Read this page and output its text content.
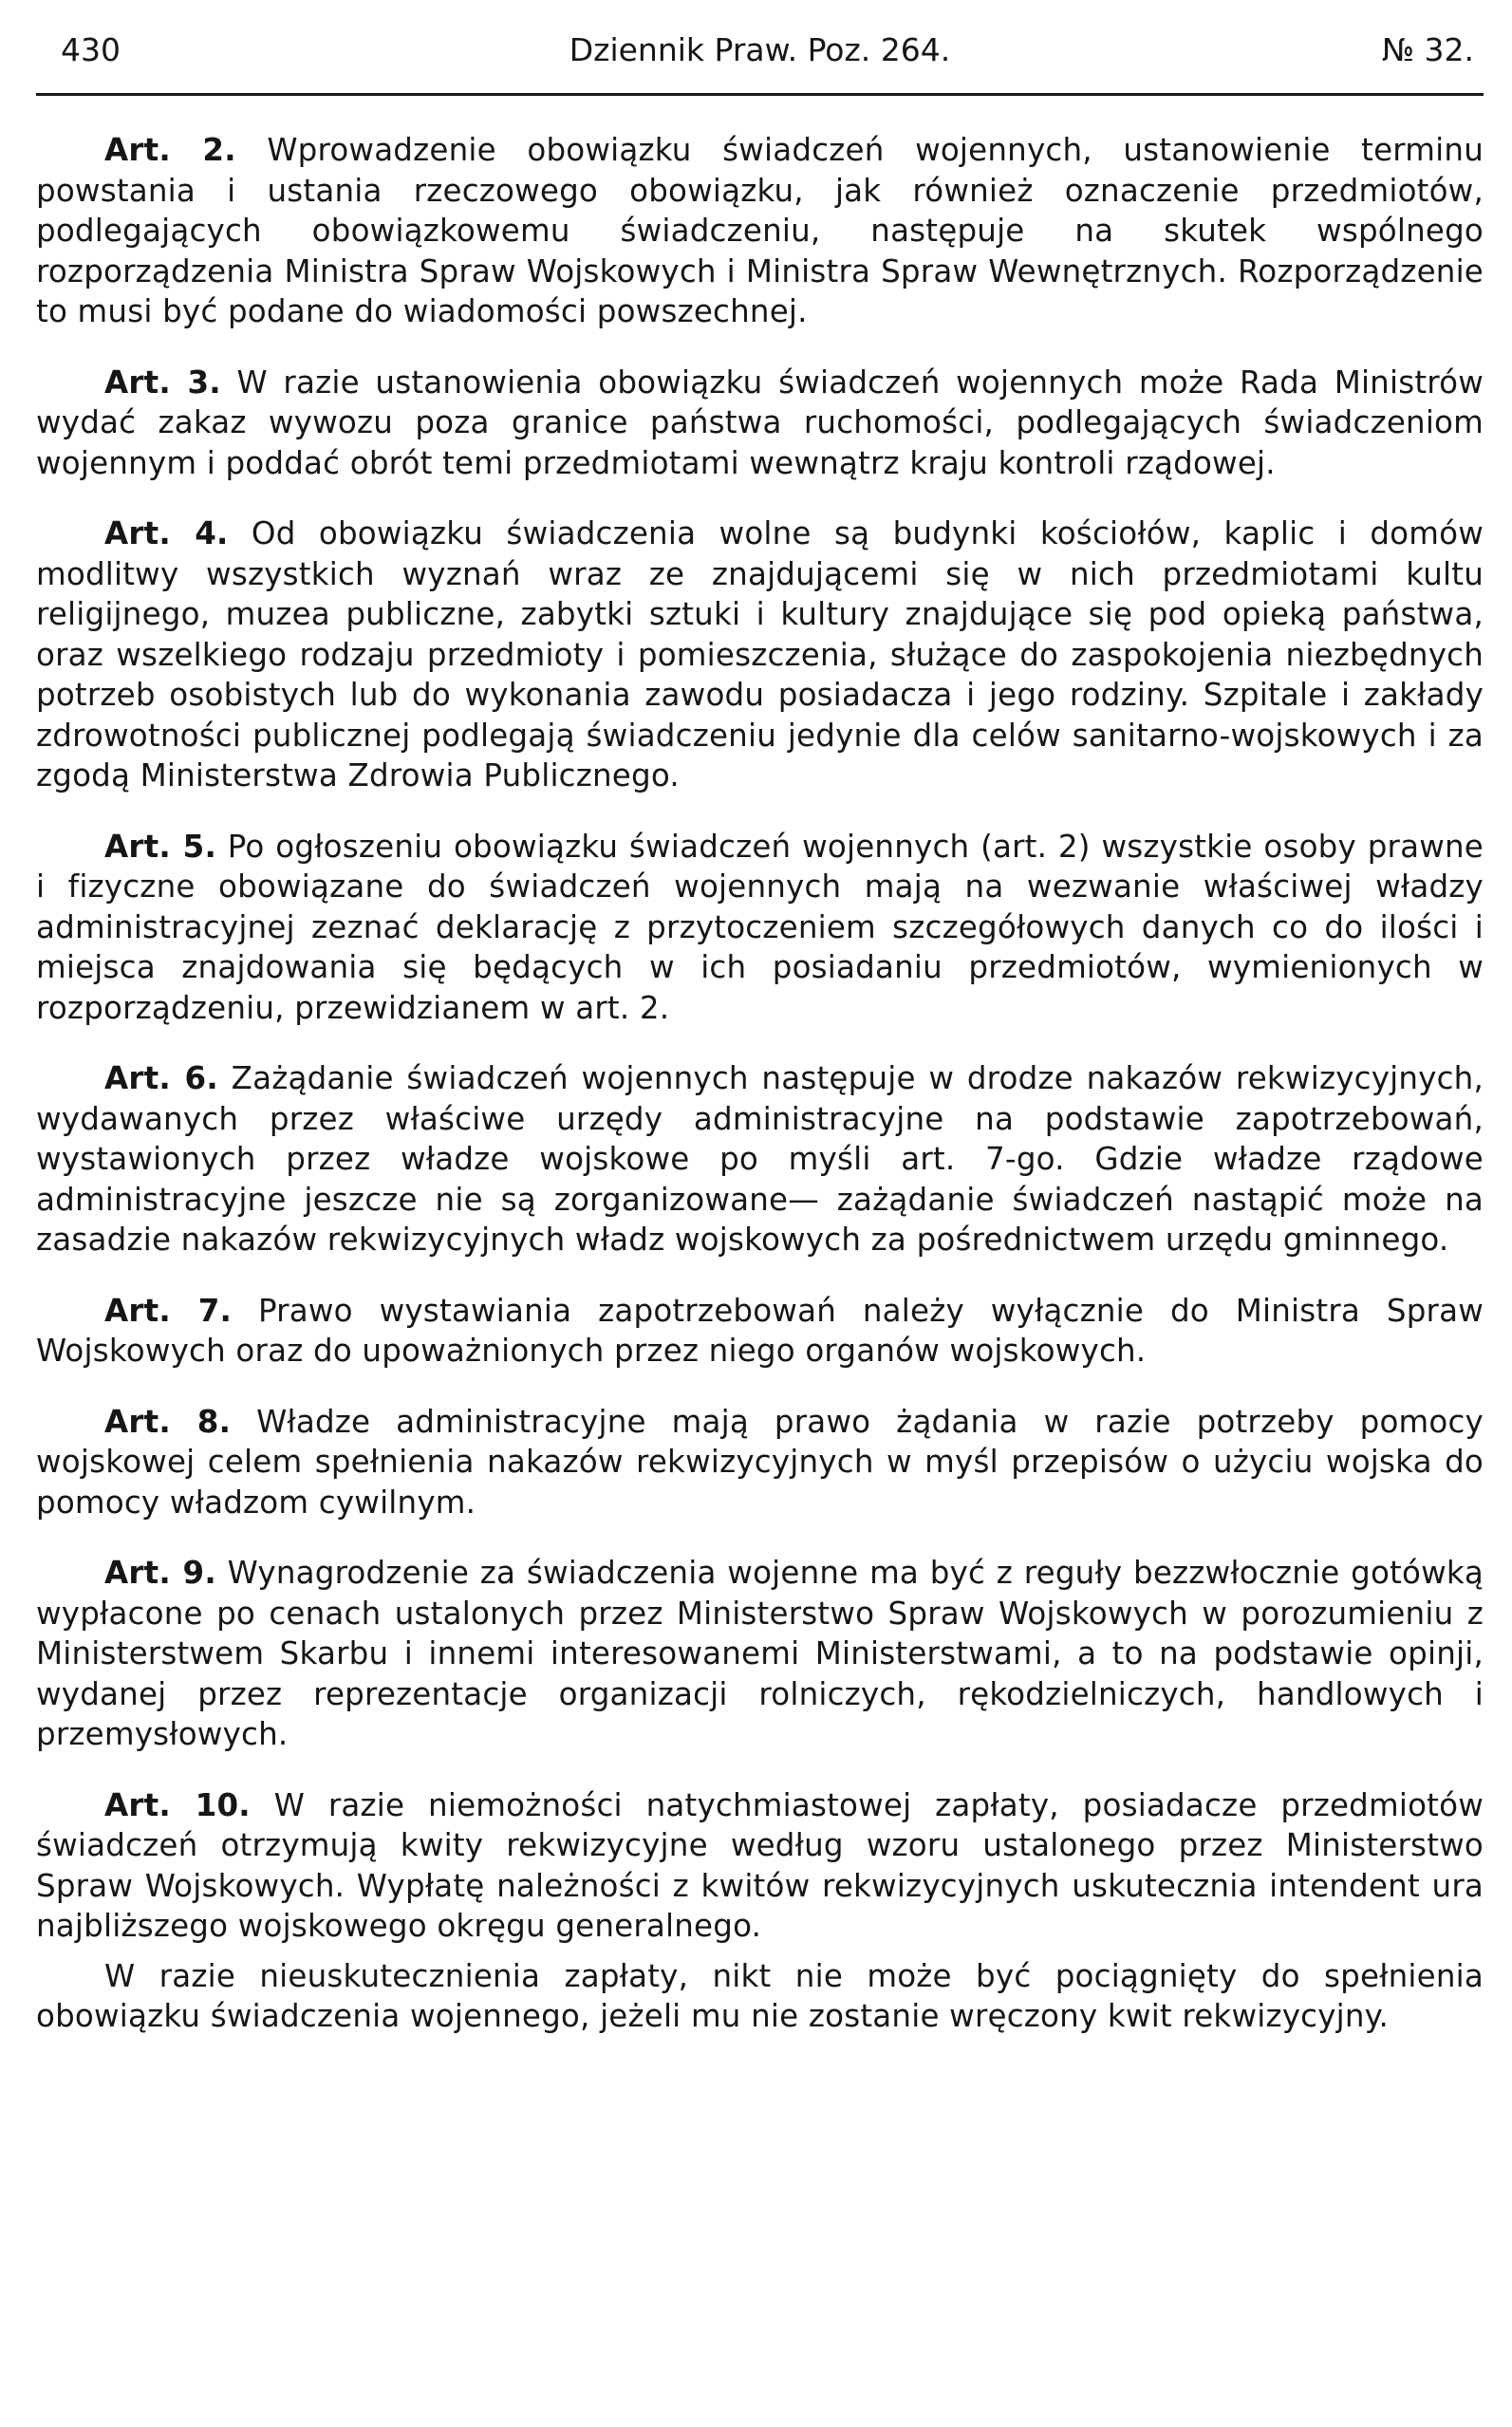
430	Dziennik Praw. Poz. 264.	№ 32.

Art. 2. Wprowadzenie obowiązku świadczeń wojennych, ustanowienie terminu powstania i ustania rzeczowego obowiązku, jak również oznaczenie przedmiotów, podlegających obowiązkowemu świadczeniu, następuje na skutek wspólnego rozporządzenia Ministra Spraw Wojskowych i Ministra Spraw Wewnętrznych. Rozporządzenie to musi być podane do wiadomości powszechnej.

Art. 3. W razie ustanowienia obowiązku świadczeń wojennych może Rada Ministrów wydać zakaz wywozu poza granice państwa ruchomości, podlegających świadczeniom wojennym i poddać obrót temi przedmiotami wewnątrz kraju kontroli rządowej.

Art. 4. Od obowiązku świadczenia wolne są budynki kościołów, kaplic i domów modlitwy wszystkich wyznań wraz ze znajdującemi się w nich przedmiotami kultu religijnego, muzea publiczne, zabytki sztuki i kultury znajdujące się pod opieką państwa, oraz wszelkiego rodzaju przedmioty i pomieszczenia, służące do zaspokojenia niezbędnych potrzeb osobistych lub do wykonania zawodu posiadacza i jego rodziny. Szpitale i zakłady zdrowotności publicznej podlegają świadczeniu jedynie dla celów sanitarno-wojskowych i za zgodą Ministerstwa Zdrowia Publicznego.

Art. 5. Po ogłoszeniu obowiązku świadczeń wojennych (art. 2) wszystkie osoby prawne i fizyczne obowiązane do świadczeń wojennych mają na wezwanie właściwej władzy administracyjnej zeznać deklarację z przytoczeniem szczegółowych danych co do ilości i miejsca znajdowania się będących w ich posiadaniu przedmiotów, wymienionych w rozporządzeniu, przewidzianem w art. 2.

Art. 6. Zażądanie świadczeń wojennych następuje w drodze nakazów rekwizycyjnych, wydawanych przez właściwe urzędy administracyjne na podstawie zapotrzebowań, wystawionych przez władze wojskowe po myśli art. 7-go. Gdzie władze rządowe administracyjne jeszcze nie są zorganizowane— zażądanie świadczeń nastąpić może na zasadzie nakazów rekwizycyjnych władz wojskowych za pośrednictwem urzędu gminnego.

Art. 7. Prawo wystawiania zapotrzebowań należy wyłącznie do Ministra Spraw Wojskowych oraz do upoważnionych przez niego organów wojskowych.

Art. 8. Władze administracyjne mają prawo żądania w razie potrzeby pomocy wojskowej celem spełnienia nakazów rekwizycyjnych w myśl przepisów o użyciu wojska do pomocy władzom cywilnym.

Art. 9. Wynagrodzenie za świadczenia wojenne ma być z reguły bezzwłocznie gotówką wypłacone po cenach ustalonych przez Ministerstwo Spraw Wojskowych w porozumieniu z Ministerstwem Skarbu i innemi interesowanemi Ministerstwami, a to na podstawie opinji, wydanej przez reprezentacje organizacji rolniczych, rękodzielniczych, handlowych i przemysłowych.

Art. 10. W razie niemożności natychmiastowej zapłaty, posiadacze przedmiotów świadczeń otrzymują kwity rekwizycyjne według wzoru ustalonego przez Ministerstwo Spraw Wojskowych. Wypłatę należności z kwitów rekwizycyjnych uskutecznia intendent ura najbliższego wojskowego okręgu generalnego.

W razie nieuskutecznienia zapłaty, nikt nie może być pociągnięty do spełnienia obowiązku świadczenia wojennego, jeżeli mu nie zostanie wręczony kwit rekwizycyjny.
